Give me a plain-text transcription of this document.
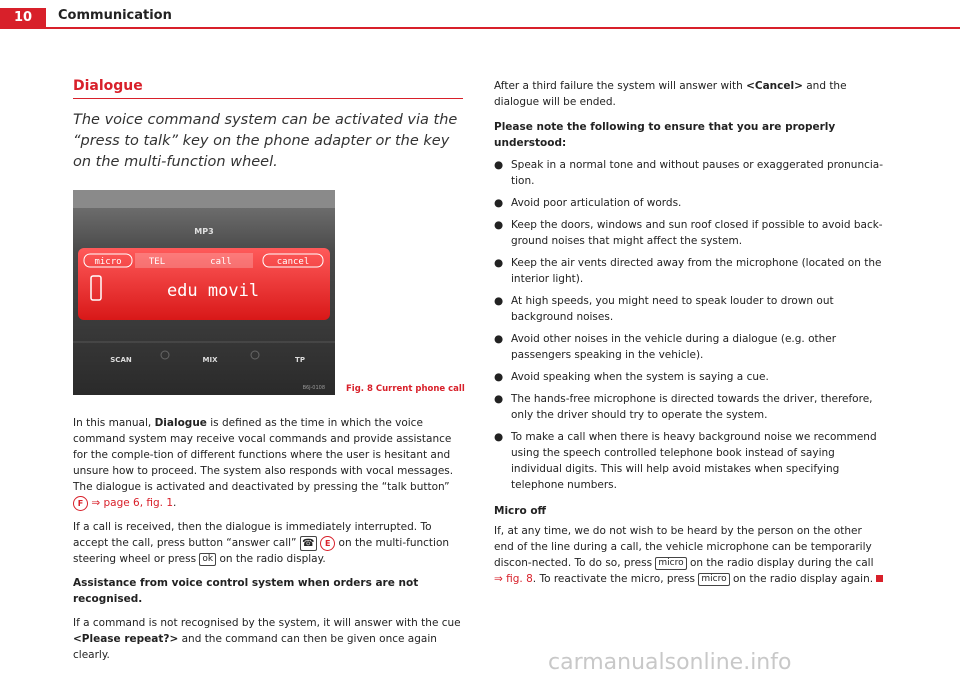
10	Communication
Dialogue
The voice command system can be activated via the “press to talk” key on the phone adapter or the key on the multi-function wheel.
MP3
micro	TEL	call	cancel
edu movil
SCAN	MIX	TP
B6J-0108 Fig. 8 Current phone call

In this manual, Dialogue is defined as the time in which the voice command system may receive vocal commands and provide assistance for the comple-tion of different functions where the user is hesitant and unsure how to proceed. The system also responds with vocal messages. The dialogue is activated and deactivated by pressing the “talk button” F ⇒ page 6, fig. 1.

If a call is received, then the dialogue is immediately interrupted. To accept the call, press button “answer call” ☎ E on the multi-function steering wheel or press ok on the radio display.

Assistance from voice control system when orders are not recognised.

If a command is not recognised by the system, it will answer with the cue <Please repeat?> and the command can then be given once again clearly.

After a third failure the system will answer with <Cancel> and the dialogue will be ended.

Please note the following to ensure that you are properly understood:

● Speak in a normal tone and without pauses or exaggerated pronuncia-tion.
● Avoid poor articulation of words.
● Keep the doors, windows and sun roof closed if possible to avoid back-ground noises that might affect the system.
● Keep the air vents directed away from the microphone (located on the interior light).
● At high speeds, you might need to speak louder to drown out background noises.
● Avoid other noises in the vehicle during a dialogue (e.g. other passengers speaking in the vehicle).
● Avoid speaking when the system is saying a cue.
● The hands-free microphone is directed towards the driver, therefore, only the driver should try to operate the system.
● To make a call when there is heavy background noise we recommend using the speech controlled telephone book instead of saying individual digits. This will help avoid mistakes when specifying telephone numbers.

Micro off

If, at any time, we do not wish to be heard by the person on the other end of the line during a call, the vehicle microphone can be temporarily discon-nected. To do so, press micro on the radio display during the call ⇒ fig. 8. To reactivate the micro, press micro on the radio display again.

carmanualsonline.info
